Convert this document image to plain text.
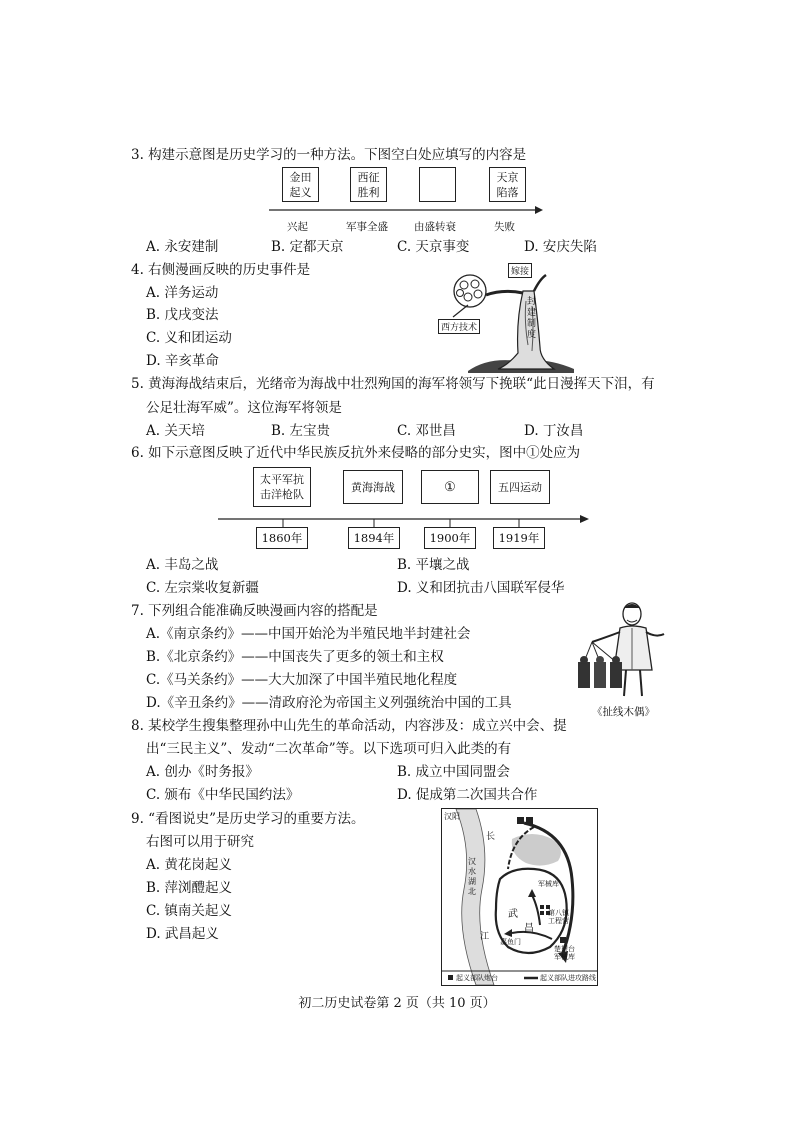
3. 构建示意图是历史学习的一种方法。下图空白处应填写的内容是
金田
起义
西征
胜利
天京
陷落
兴起	军事全盛 由盛转衰	失败
A. 永安建制	B. 定都天京	C. 天京事变	D. 安庆失陷
4. 右侧漫画反映的历史事件是
A. 洋务运动
B. 戊戌变法
C. 义和团运动
D. 辛亥革命
嫁接
封建制度
西方技术
5. 黄海海战结束后，光绪帝为海战中壮烈殉国的海军将领写下挽联“此日漫挥天下泪，有
公足壮海军威”。这位海军将领是
A. 关天培	B. 左宝贵	C. 邓世昌	D. 丁汝昌
6. 如下示意图反映了近代中华民族反抗外来侵略的部分史实，图中①处应为
太平军抗
击洋枪队
黄海海战	①	五四运动
1860年	1894年	1900年	1919年
A. 丰岛之战	B. 平壤之战
C. 左宗棠收复新疆	D. 义和团抗击八国联军侵华
7. 下列组合能准确反映漫画内容的搭配是
A.《南京条约》——中国开始沦为半殖民地半封建社会
B.《北京条约》——中国丧失了更多的领土和主权
C.《马关条约》——大大加深了中国半殖民地化程度
D.《辛丑条约》——清政府沦为帝国主义列强统治中国的工具
《扯线木偶》
8. 某校学生搜集整理孙中山先生的革命活动，内容涉及：成立兴中会、提
出“三民主义”、发动“二次革命”等。以下选项可归入此类的有
A. 创办《时务报》	B. 成立中国同盟会
C. 颁布《中华民国约法》	D. 促成第二次国共合作
9. “看图说史”是历史学习的重要方法。
右图可以用于研究
A. 黄花岗起义
B. 萍浏醴起义
C. 镇南关起义
D. 武昌起义
汉阳
长
汉水
湖北
江
武
昌
军械库
第八镇
工程营
嘉鱼门
楚望台
军械库
起义部队炮台	起义部队进攻路线
初二历史试卷第 2 页（共 10 页）
